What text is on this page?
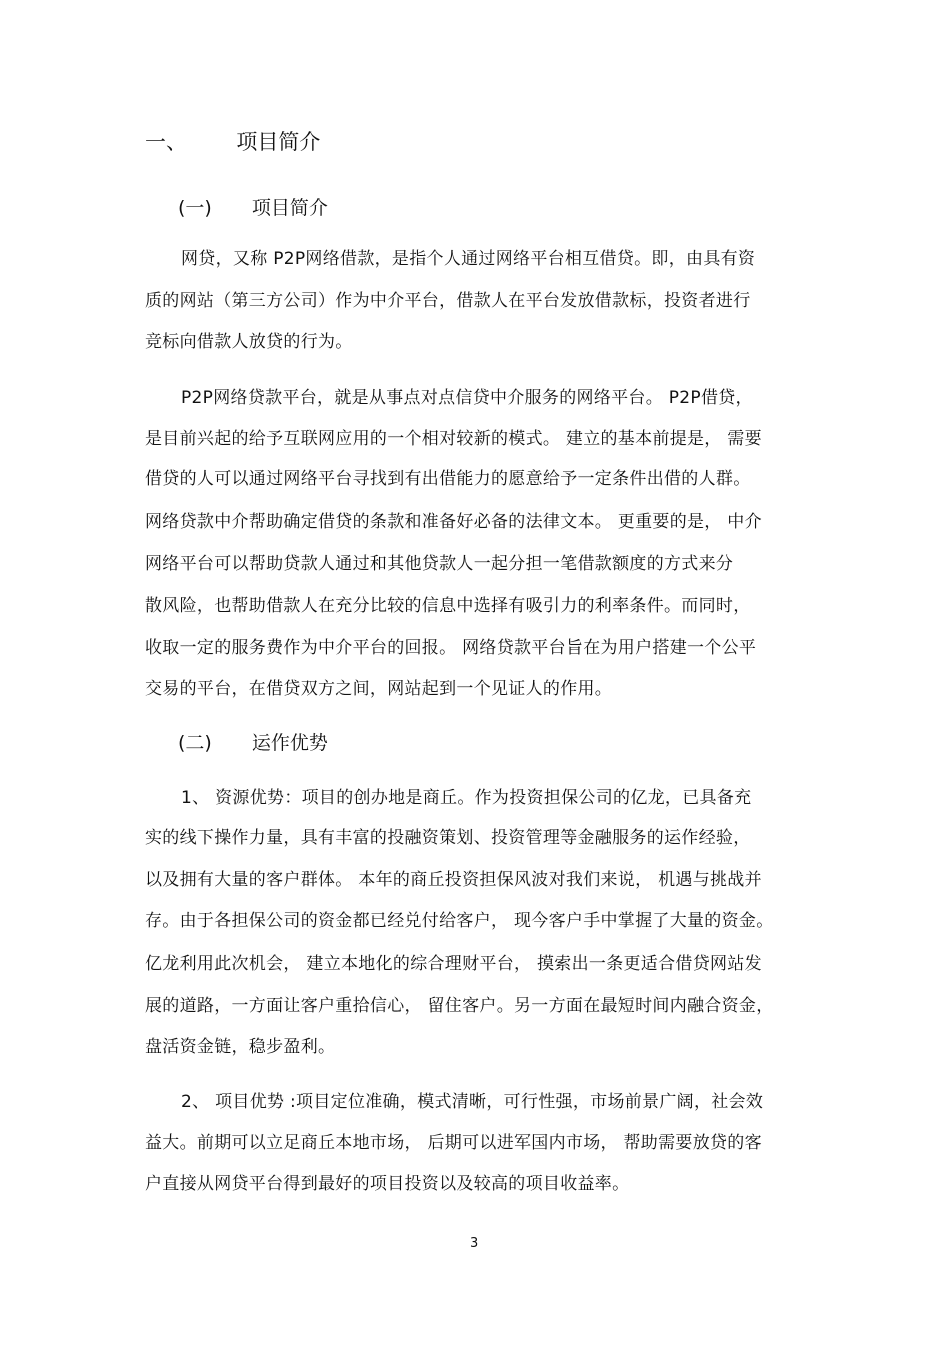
一、 项目简介
(一) 项目简介
网贷，又称 P2P网络借款，是指个人通过网络平台相互借贷。即，由具有资
质的网站（第三方公司）作为中介平台，借款人在平台发放借款标，投资者进行
竞标向借款人放贷的行为。
P2P网络贷款平台，就是从事点对点信贷中介服务的网络平台。 P2P借贷，
是目前兴起的给予互联网应用的一个相对较新的模式。 建立的基本前提是， 需要
借贷的人可以通过网络平台寻找到有出借能力的愿意给予一定条件出借的人群。
网络贷款中介帮助确定借贷的条款和准备好必备的法律文本。 更重要的是， 中介
网络平台可以帮助贷款人通过和其他贷款人一起分担一笔借款额度的方式来分
散风险，也帮助借款人在充分比较的信息中选择有吸引力的利率条件。而同时，
收取一定的服务费作为中介平台的回报。 网络贷款平台旨在为用户搭建一个公平
交易的平台，在借贷双方之间，网站起到一个见证人的作用。
(二) 运作优势
1、 资源优势：项目的创办地是商丘。作为投资担保公司的亿龙，已具备充
实的线下操作力量，具有丰富的投融资策划、投资管理等金融服务的运作经验，
以及拥有大量的客户群体。 本年的商丘投资担保风波对我们来说， 机遇与挑战并
存。由于各担保公司的资金都已经兑付给客户， 现今客户手中掌握了大量的资金。
亿龙利用此次机会， 建立本地化的综合理财平台， 摸索出一条更适合借贷网站发
展的道路，一方面让客户重拾信心， 留住客户。另一方面在最短时间内融合资金，
盘活资金链，稳步盈利。
2、 项目优势 :项目定位准确，模式清晰，可行性强，市场前景广阔，社会效
益大。前期可以立足商丘本地市场， 后期可以进军国内市场， 帮助需要放贷的客
户直接从网贷平台得到最好的项目投资以及较高的项目收益率。
3
